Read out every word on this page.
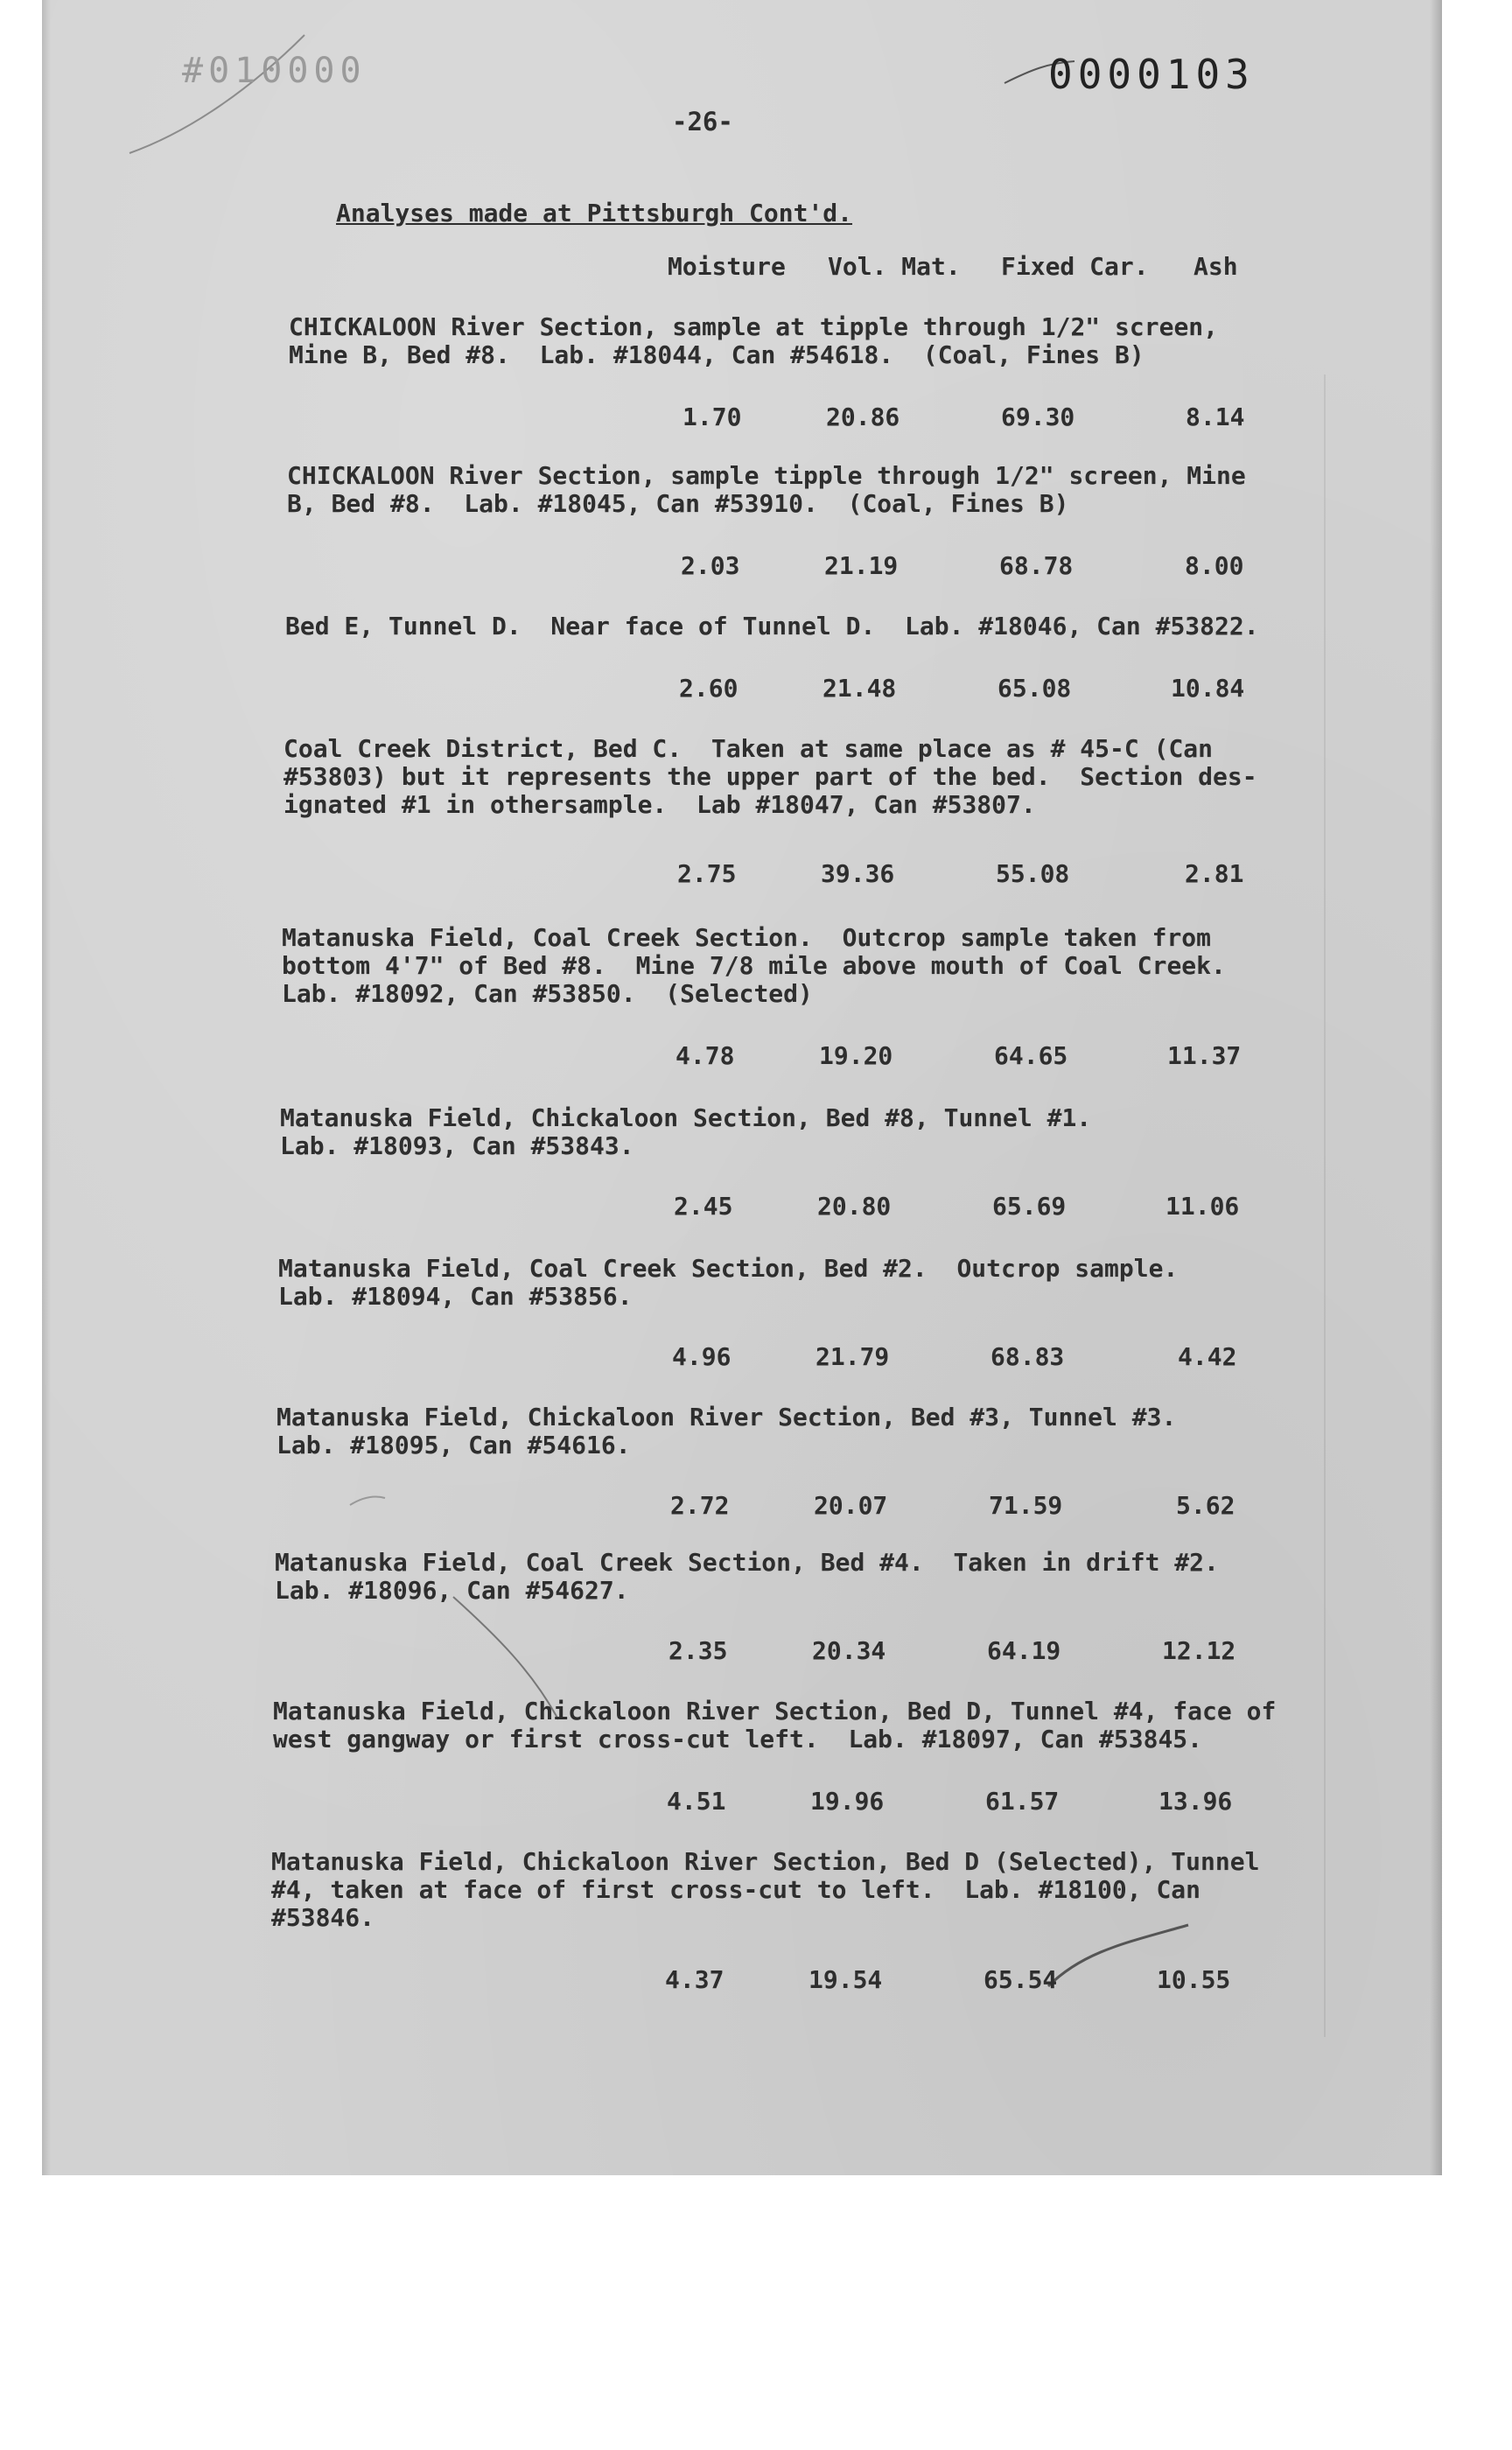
#010000	0000103
-26-
Analyses made at Pittsburgh Cont'd.
Moisture Vol. Mat. Fixed Car. Ash
CHICKALOON River Section, sample at tipple through 1/2" screen,
Mine B, Bed #8.  Lab. #18044, Can #54618.  (Coal, Fines B)
1.70	20.86	69.30	8.14
CHICKALOON River Section, sample tipple through 1/2" screen, Mine
B, Bed #8.  Lab. #18045, Can #53910.  (Coal, Fines B)
2.03	21.19	68.78	8.00
Bed E, Tunnel D.  Near face of Tunnel D.  Lab. #18046, Can #53822.
2.60	21.48	65.08	10.84
Coal Creek District, Bed C.  Taken at same place as # 45-C (Can
#53803) but it represents the upper part of the bed.  Section des-
ignated #1 in othersample.  Lab #18047, Can #53807.
2.75	39.36	55.08	2.81
Matanuska Field, Coal Creek Section.  Outcrop sample taken from
bottom 4'7" of Bed #8.  Mine 7/8 mile above mouth of Coal Creek.
Lab. #18092, Can #53850.  (Selected)
4.78	19.20	64.65	11.37
Matanuska Field, Chickaloon Section, Bed #8, Tunnel #1.
Lab. #18093, Can #53843.
2.45	20.80	65.69	11.06
Matanuska Field, Coal Creek Section, Bed #2.  Outcrop sample.
Lab. #18094, Can #53856.
4.96	21.79	68.83	4.42
Matanuska Field, Chickaloon River Section, Bed #3, Tunnel #3.
Lab. #18095, Can #54616.
2.72	20.07	71.59	5.62
Matanuska Field, Coal Creek Section, Bed #4.  Taken in drift #2.
Lab. #18096, Can #54627.
2.35	20.34	64.19	12.12
Matanuska Field, Chickaloon River Section, Bed D, Tunnel #4, face of
west gangway or first cross-cut left.  Lab. #18097, Can #53845.
4.51	19.96	61.57	13.96
Matanuska Field, Chickaloon River Section, Bed D (Selected), Tunnel
#4, taken at face of first cross-cut to left.  Lab. #18100, Can
#53846.
4.37	19.54	65.54	10.55
